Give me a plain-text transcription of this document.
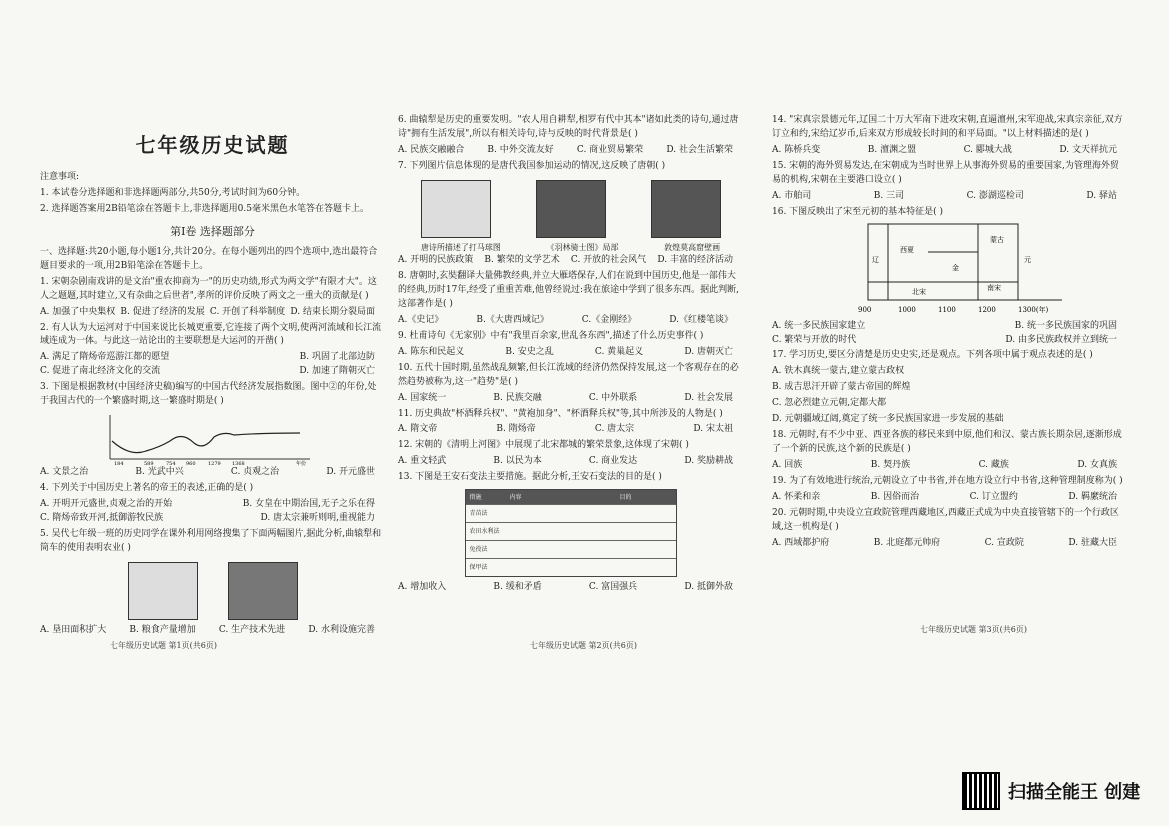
七年级历史试题
注意事项:
1. 本试卷分选择题和非选择题两部分,共50分,考试时间为60分钟。
2. 选择题答案用2B铅笔涂在答题卡上,非选择题用0.5毫米黑色水笔答在答题卡上。
第Ⅰ卷 选择题部分
一、选择题:共20小题,每小题1分,共计20分。在每小题列出的四个选项中,选出最符合题目要求的一项,用2B铅笔涂在答题卡上。
1. 宋朝杂剧南戏讲的是文治"重农抑商为一"的历史功绩,形式为两文学"有限才大"。这人之题题,其时建立,又有杂曲之后世者",孝所的评价反映了两文之一重大的贡献是( )
A. 加强了中央集权 B. 促进了经济的发展 C. 开创了科举制度 D. 结束长期分裂局面
2. 有人认为大运河对于中国来说比长城更重要,它连接了两个文明,使两河流域和长江流域连成为一体。与此这一站论出的主要联想是大运河的开凿( )
A. 满足了隋炀帝巡游江都的愿望	B. 巩固了北部边防
C. 促进了南北经济文化的交流	D. 加速了隋朝灭亡
3. 下图是根据教材(中国经济史稿)编写的中国古代经济发展指数图。图中②的年份,处于我国古代的一个繁盛时期,这一繁盛时期是( )
184	589 754 960 1279 1368	年份
A. 文景之治	B. 光武中兴	C. 贞观之治	D. 开元盛世
4. 下列关于中国历史上著名的帝王的表述,正确的是( )
A. 开明开元盛世,贞观之治的开始	B. 女皇在中期治国,无子之乐在得
C. 隋炀帝致开河,抵御游牧民族	D. 唐太宗兼听则明,重视能力
5. 吴代七年级一班的历史同学在课外利用网络搜集了下面两幅图片,据此分析,曲辕犁和筒车的使用表明农业( )
A. 垦田面积扩大	B. 粮食产量增加	C. 生产技术先进	D. 水利设施完善
七年级历史试题 第1页(共6页)
6. 曲辕犁是历史的重要发明。"农人用自耕犁,相罗有代中其本"诸如此类的诗句,通过唐诗"拥有生活发展",所以有相关诗句,诗与反映的时代背景是( )
A. 民族交融融合	B. 中外交流友好	C. 商业贸易繁荣	D. 社会生活繁荣
7. 下列图片信息体现的是唐代我国参加运动的情况,这反映了唐朝( )
唐诗所描述了打马球图	《羽林骑士图》局部	敦煌莫高窟壁画
A. 开明的民族政策 B. 繁荣的文学艺术 C. 开放的社会风气 D. 丰富的经济活动
8. 唐朝时,玄奘翻译大量佛教经典,并立大雁塔保存,人们在说到中国历史,他是一部伟大的经典,历时17年,经受了重重苦难,他曾经说过:我在旅途中学到了很多东西。据此判断,这部著作是( )
A.《史记》	B.《大唐西域记》	C.《金刚经》	D.《红楼笔谈》
9. 杜甫诗句《无家别》中有"我里百余家,世乱各东西",描述了什么历史事件( )
A. 陈东和民起义	B. 安史之乱	C. 黄巢起义	D. 唐朝灭亡
10. 五代十国时期,虽然战乱频繁,但长江流域的经济仍然保持发展,这一个客观存在的必然趋势被称为,这一"趋势"是( )
A. 国家统一	B. 民族交融	C. 中外联系	D. 社会发展
11. 历史典故"杯酒释兵权"、"黄袍加身"、"杯酒释兵权"等,其中所涉及的人物是( )
A. 隋文帝	B. 隋炀帝	C. 唐太宗	D. 宋太祖
12. 宋朝的《清明上河图》中展现了北宋都城的繁荣景象,这体现了宋朝( )
A. 重文轻武	B. 以民为本	C. 商业发达	D. 奖励耕战
13. 下图是王安石变法主要措施。据此分析,王安石变法的目的是( )
措施	内容	目的
青苗法
农田水利法
免役法
保甲法
A. 增加收入	B. 缓和矛盾	C. 富国强兵	D. 抵御外敌
七年级历史试题 第2页(共6页)
14. "宋真宗景德元年,辽国二十万大军南下进攻宋朝,直逼澶州,宋军迎战,宋真宗亲征,双方订立和约,宋给辽岁币,后来双方形成较长时间的和平局面。"以上材料描述的是( )
A. 陈桥兵变	B. 澶渊之盟	C. 郾城大战	D. 文天祥抗元
15. 宋朝的海外贸易发达,在宋朝成为当时世界上从事海外贸易的重要国家,为管理海外贸易的机构,宋朝在主要港口设立( )
A. 市舶司	B. 三司	C. 澎湖巡检司	D. 驿站
16. 下图反映出了宋至元初的基本特征是( )
辽
北宋
西夏
金
南宋
蒙古
元
900	1000	1100	1200	1300(年)
A. 统一多民族国家建立	B. 统一多民族国家的巩固
C. 繁荣与开放的时代	D. 由多民族政权并立到统一
17. 学习历史,要区分清楚是历史史实,还是观点。下列各项中属于观点表述的是( )
A. 铁木真统一蒙古,建立蒙古政权
B. 成吉思汗开辟了蒙古帝国的辉煌
C. 忽必烈建立元朝,定都大都
D. 元朝疆域辽阔,奠定了统一多民族国家进一步发展的基础
18. 元朝时,有不少中亚、西亚各族的移民来到中原,他们和汉、蒙古族长期杂居,逐渐形成了一个新的民族,这个新的民族是( )
A. 回族	B. 契丹族	C. 藏族	D. 女真族
19. 为了有效地进行统治,元朝设立了中书省,并在地方设立行中书省,这种管理制度称为( )
A. 怀柔和亲	B. 因俗而治	C. 订立盟约	D. 羁縻统治
20. 元朝时期,中央设立宣政院管理西藏地区,西藏正式成为中央直接管辖下的一个行政区域,这一机构是( )
A. 西域都护府	B. 北庭都元帅府	C. 宣政院	D. 驻藏大臣
七年级历史试题 第3页(共6页)
扫描全能王 创建
